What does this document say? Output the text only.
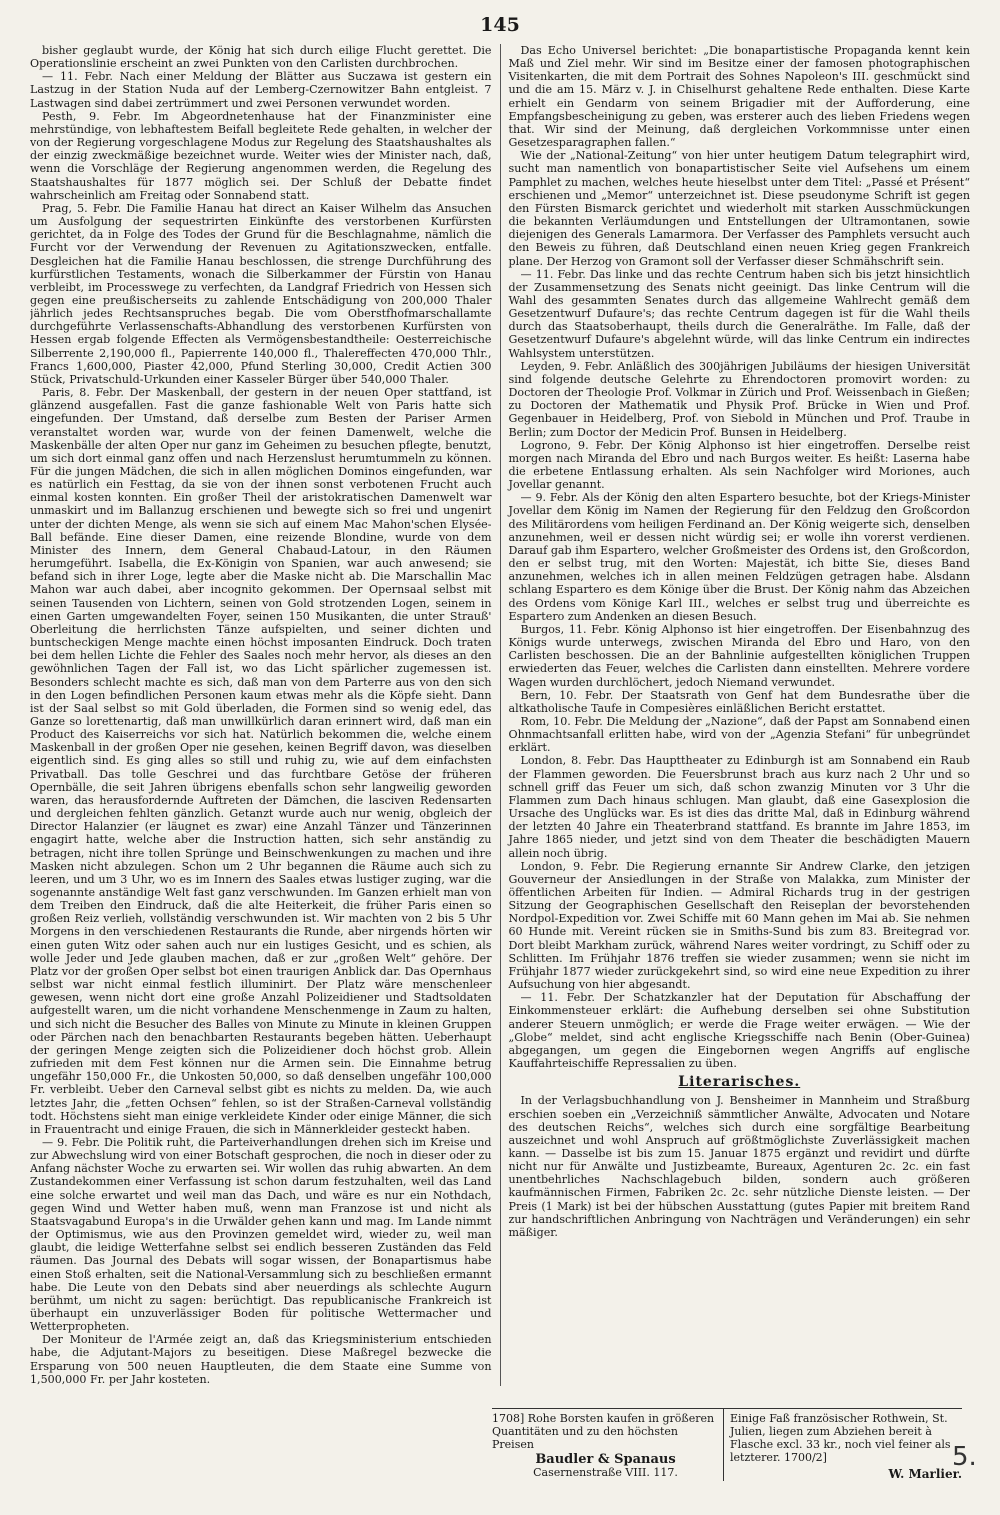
145

bisher geglaubt wurde, der König hat sich durch eilige Flucht gerettet. Die Operationslinie erscheint an zwei Punkten von den Carlisten durchbrochen.

— 11. Febr. Nach einer Meldung der Blätter aus Suczawa ist gestern ein Lastzug in der Station Nuda auf der Lemberg-Czernowitzer Bahn entgleist. 7 Lastwagen sind dabei zertrümmert und zwei Personen verwundet worden.

Pesth, 9. Febr. Im Abgeordnetenhause hat der Finanzminister eine mehrstündige, von lebhaftestem Beifall begleitete Rede gehalten, in welcher der von der Regierung vorgeschlagene Modus zur Regelung des Staatshaushaltes als der einzig zweckmäßige bezeichnet wurde. Weiter wies der Minister nach, daß, wenn die Vorschläge der Regierung angenommen werden, die Regelung des Staatshaushaltes für 1877 möglich sei. Der Schluß der Debatte findet wahrscheinlich am Freitag oder Sonnabend statt.

Prag, 5. Febr. Die Familie Hanau hat direct an Kaiser Wilhelm das Ansuchen um Ausfolgung der sequestrirten Einkünfte des verstorbenen Kurfürsten gerichtet, da in Folge des Todes der Grund für die Beschlagnahme, nämlich die Furcht vor der Verwendung der Revenuen zu Agitationszwecken, entfalle. Desgleichen hat die Familie Hanau beschlossen, die strenge Durchführung des kurfürstlichen Testaments, wonach die Silberkammer der Fürstin von Hanau verbleibt, im Processwege zu verfechten, da Landgraf Friedrich von Hessen sich gegen eine preußischerseits zu zahlende Entschädigung von 200,000 Thaler jährlich jedes Rechtsanspruches begab. Die vom Oberstfhofmarschallamte durchgeführte Verlassenschafts-Abhandlung des verstorbenen Kurfürsten von Hessen ergab folgende Effecten als Vermögensbestandtheile: Oesterreichische Silberrente 2,190,000 fl., Papierrente 140,000 fl., Thalereffecten 470,000 Thlr., Francs 1,600,000, Piaster 42,000, Pfund Sterling 30,000, Credit Actien 300 Stück, Privatschuld-Urkunden einer Kasseler Bürger über 540,000 Thaler.

Paris, 8. Febr. Der Maskenball, der gestern in der neuen Oper stattfand, ist glänzend ausgefallen. Fast die ganze fashionable Welt von Paris hatte sich eingefunden. Der Umstand, daß derselbe zum Besten der Pariser Armen veranstaltet worden war, wurde von der feinen Damenwelt, welche die Maskenbälle der alten Oper nur ganz im Geheimen zu besuchen pflegte, benutzt, um sich dort einmal ganz offen und nach Herzenslust herumtummeln zu können. Für die jungen Mädchen, die sich in allen möglichen Dominos eingefunden, war es natürlich ein Festtag, da sie von der ihnen sonst verbotenen Frucht auch einmal kosten konnten. Ein großer Theil der aristokratischen Damenwelt war unmaskirt und im Ballanzug erschienen und bewegte sich so frei und ungenirt unter der dichten Menge, als wenn sie sich auf einem Mac Mahon'schen Elysée-Ball befände. Eine dieser Damen, eine reizende Blondine, wurde von dem Minister des Innern, dem General Chabaud-Latour, in den Räumen herumgeführt. Isabella, die Ex-Königin von Spanien, war auch anwesend; sie befand sich in ihrer Loge, legte aber die Maske nicht ab. Die Marschallin Mac Mahon war auch dabei, aber incognito gekommen. Der Opernsaal selbst mit seinen Tausenden von Lichtern, seinen von Gold strotzenden Logen, seinem in einen Garten umgewandelten Foyer, seinen 150 Musikanten, die unter Strauß' Oberleitung die herrlichsten Tänze aufspielten, und seiner dichten und buntscheckigen Menge machte einen höchst imposanten Eindruck. Doch traten bei dem hellen Lichte die Fehler des Saales noch mehr hervor, als dieses an den gewöhnlichen Tagen der Fall ist, wo das Licht spärlicher zugemessen ist. Besonders schlecht machte es sich, daß man von dem Parterre aus von den sich in den Logen befindlichen Personen kaum etwas mehr als die Köpfe sieht. Dann ist der Saal selbst so mit Gold überladen, die Formen sind so wenig edel, das Ganze so lorettenartig, daß man unwillkürlich daran erinnert wird, daß man ein Product des Kaiserreichs vor sich hat. Natürlich bekommen die, welche einem Maskenball in der großen Oper nie gesehen, keinen Begriff davon, was dieselben eigentlich sind. Es ging alles so still und ruhig zu, wie auf dem einfachsten Privatball. Das tolle Geschrei und das furchtbare Getöse der früheren Opernbälle, die seit Jahren übrigens ebenfalls schon sehr langweilig geworden waren, das herausfordernde Auftreten der Dämchen, die lasciven Redensarten und dergleichen fehlten gänzlich. Getanzt wurde auch nur wenig, obgleich der Director Halanzier (er läugnet es zwar) eine Anzahl Tänzer und Tänzerinnen engagirt hatte, welche aber die Instruction hatten, sich sehr anständig zu betragen, nicht ihre tollen Sprünge und Beinschwenkungen zu machen und ihre Masken nicht abzulegen. Schon um 2 Uhr begannen die Räume auch sich zu leeren, und um 3 Uhr, wo es im Innern des Saales etwas lustiger zuging, war die sogenannte anständige Welt fast ganz verschwunden. Im Ganzen erhielt man von dem Treiben den Eindruck, daß die alte Heiterkeit, die früher Paris einen so großen Reiz verlieh, vollständig verschwunden ist. Wir machten von 2 bis 5 Uhr Morgens in den verschiedenen Restaurants die Runde, aber nirgends hörten wir einen guten Witz oder sahen auch nur ein lustiges Gesicht, und es schien, als wolle Jeder und Jede glauben machen, daß er zur „großen Welt“ gehöre. Der Platz vor der großen Oper selbst bot einen traurigen Anblick dar. Das Opernhaus selbst war nicht einmal festlich illuminirt. Der Platz wäre menschenleer gewesen, wenn nicht dort eine große Anzahl Polizeidiener und Stadtsoldaten aufgestellt waren, um die nicht vorhandene Menschenmenge in Zaum zu halten, und sich nicht die Besucher des Balles von Minute zu Minute in kleinen Gruppen oder Pärchen nach den benachbarten Restaurants begeben hätten. Ueberhaupt der geringen Menge zeigten sich die Polizeidiener doch höchst grob. Allein zufrieden mit dem Fest können nur die Armen sein. Die Einnahme betrug ungefähr 150,000 Fr., die Unkosten 50,000, so daß denselben ungefähr 100,000 Fr. verbleibt. Ueber den Carneval selbst gibt es nichts zu melden. Da, wie auch letztes Jahr, die „fetten Ochsen“ fehlen, so ist der Straßen-Carneval vollständig todt. Höchstens sieht man einige verkleidete Kinder oder einige Männer, die sich in Frauentracht und einige Frauen, die sich in Männerkleider gesteckt haben.

— 9. Febr. Die Politik ruht, die Parteiverhandlungen drehen sich im Kreise und zur Abwechslung wird von einer Botschaft gesprochen, die noch in dieser oder zu Anfang nächster Woche zu erwarten sei. Wir wollen das ruhig abwarten. An dem Zustandekommen einer Verfassung ist schon darum festzuhalten, weil das Land eine solche erwartet und weil man das Dach, und wäre es nur ein Nothdach, gegen Wind und Wetter haben muß, wenn man Franzose ist und nicht als Staatsvagabund Europa's in die Urwälder gehen kann und mag. Im Lande nimmt der Optimismus, wie aus den Provinzen gemeldet wird, wieder zu, weil man glaubt, die leidige Wetterfahne selbst sei endlich besseren Zuständen das Feld räumen. Das Journal des Debats will sogar wissen, der Bonapartismus habe einen Stoß erhalten, seit die National-Versammlung sich zu beschließen ermannt habe. Die Leute von den Debats sind aber neuerdings als schlechte Augurn berühmt, um nicht zu sagen: berüchtigt. Das republicanische Frankreich ist überhaupt ein unzuverlässiger Boden für politische Wettermacher und Wetterpropheten.

Der Moniteur de l'Armée zeigt an, daß das Kriegsministerium entschieden habe, die Adjutant-Majors zu beseitigen. Diese Maßregel bezwecke die Ersparung von 500 neuen Hauptleuten, die dem Staate eine Summe von 1,500,000 Fr. per Jahr kosteten.

Das Echo Universel berichtet: „Die bonapartistische Propaganda kennt kein Maß und Ziel mehr. Wir sind im Besitze einer der famosen photographischen Visitenkarten, die mit dem Portrait des Sohnes Napoleon's III. geschmückt sind und die am 15. März v. J. in Chiselhurst gehaltene Rede enthalten. Diese Karte erhielt ein Gendarm von seinem Brigadier mit der Aufforderung, eine Empfangsbescheinigung zu geben, was ersterer auch des lieben Friedens wegen that. Wir sind der Meinung, daß dergleichen Vorkommnisse unter einen Gesetzesparagraphen fallen.“

Wie der „National-Zeitung“ von hier unter heutigem Datum telegraphirt wird, sucht man namentlich von bonapartistischer Seite viel Aufsehens um einem Pamphlet zu machen, welches heute hieselbst unter dem Titel: „Passé et Présent“ erschienen und „Memor“ unterzeichnet ist. Diese pseudonyme Schrift ist gegen den Fürsten Bismarck gerichtet und wiederholt mit starken Ausschmückungen die bekannten Verläumdungen und Entstellungen der Ultramontanen, sowie diejenigen des Generals Lamarmora. Der Verfasser des Pamphlets versucht auch den Beweis zu führen, daß Deutschland einen neuen Krieg gegen Frankreich plane. Der Herzog von Gramont soll der Verfasser dieser Schmähschrift sein.

— 11. Febr. Das linke und das rechte Centrum haben sich bis jetzt hinsichtlich der Zusammensetzung des Senats nicht geeinigt. Das linke Centrum will die Wahl des gesammten Senates durch das allgemeine Wahlrecht gemäß dem Gesetzentwurf Dufaure's; das rechte Centrum dagegen ist für die Wahl theils durch das Staatsoberhaupt, theils durch die Generalräthe. Im Falle, daß der Gesetzentwurf Dufaure's abgelehnt würde, will das linke Centrum ein indirectes Wahlsystem unterstützen.

Leyden, 9. Febr. Anläßlich des 300jährigen Jubiläums der hiesigen Universität sind folgende deutsche Gelehrte zu Ehrendoctoren promovirt worden: zu Doctoren der Theologie Prof. Volkmar in Zürich und Prof. Weissenbach in Gießen; zu Doctoren der Mathematik und Physik Prof. Brücke in Wien und Prof. Gegenbauer in Heidelberg, Prof. von Siebold in München und Prof. Traube in Berlin; zum Doctor der Medicin Prof. Bunsen in Heidelberg.

Logrono, 9. Febr. Der König Alphonso ist hier eingetroffen. Derselbe reist morgen nach Miranda del Ebro und nach Burgos weiter. Es heißt: Laserna habe die erbetene Entlassung erhalten. Als sein Nachfolger wird Moriones, auch Jovellar genannt.

— 9. Febr. Als der König den alten Espartero besuchte, bot der Kriegs-Minister Jovellar dem König im Namen der Regierung für den Feldzug den Großcordon des Militärordens vom heiligen Ferdinand an. Der König weigerte sich, denselben anzunehmen, weil er dessen nicht würdig sei; er wolle ihn vorerst verdienen. Darauf gab ihm Espartero, welcher Großmeister des Ordens ist, den Großcordon, den er selbst trug, mit den Worten: Majestät, ich bitte Sie, dieses Band anzunehmen, welches ich in allen meinen Feldzügen getragen habe. Alsdann schlang Espartero es dem Könige über die Brust. Der König nahm das Abzeichen des Ordens vom Könige Karl III., welches er selbst trug und überreichte es Espartero zum Andenken an diesen Besuch.

Burgos, 11. Febr. König Alphonso ist hier eingetroffen. Der Eisenbahnzug des Königs wurde unterwegs, zwischen Miranda del Ebro und Haro, von den Carlisten beschossen. Die an der Bahnlinie aufgestellten königlichen Truppen erwiederten das Feuer, welches die Carlisten dann einstellten. Mehrere vordere Wagen wurden durchlöchert, jedoch Niemand verwundet.

Bern, 10. Febr. Der Staatsrath von Genf hat dem Bundesrathe über die altkatholische Taufe in Compesières einläßlichen Bericht erstattet.

Rom, 10. Febr. Die Meldung der „Nazione“, daß der Papst am Sonnabend einen Ohnmachtsanfall erlitten habe, wird von der „Agenzia Stefani“ für unbegründet erklärt.

London, 8. Febr. Das Haupttheater zu Edinburgh ist am Sonnabend ein Raub der Flammen geworden. Die Feuersbrunst brach aus kurz nach 2 Uhr und so schnell griff das Feuer um sich, daß schon zwanzig Minuten vor 3 Uhr die Flammen zum Dach hinaus schlugen. Man glaubt, daß eine Gasexplosion die Ursache des Unglücks war. Es ist dies das dritte Mal, daß in Edinburg während der letzten 40 Jahre ein Theaterbrand stattfand. Es brannte im Jahre 1853, im Jahre 1865 nieder, und jetzt sind von dem Theater die beschädigten Mauern allein noch übrig.

London, 9. Febr. Die Regierung ernannte Sir Andrew Clarke, den jetzigen Gouverneur der Ansiedlungen in der Straße von Malakka, zum Minister der öffentlichen Arbeiten für Indien. — Admiral Richards trug in der gestrigen Sitzung der Geographischen Gesellschaft den Reiseplan der bevorstehenden Nordpol-Expedition vor. Zwei Schiffe mit 60 Mann gehen im Mai ab. Sie nehmen 60 Hunde mit. Vereint rücken sie in Smiths-Sund bis zum 83. Breitegrad vor. Dort bleibt Markham zurück, während Nares weiter vordringt, zu Schiff oder zu Schlitten. Im Frühjahr 1876 treffen sie wieder zusammen; wenn sie nicht im Frühjahr 1877 wieder zurückgekehrt sind, so wird eine neue Expedition zu ihrer Aufsuchung von hier abgesandt.

— 11. Febr. Der Schatzkanzler hat der Deputation für Abschaffung der Einkommensteuer erklärt: die Aufhebung derselben sei ohne Substitution anderer Steuern unmöglich; er werde die Frage weiter erwägen. — Wie der „Globe“ meldet, sind acht englische Kriegsschiffe nach Benin (Ober-Guinea) abgegangen, um gegen die Eingebornen wegen Angriffs auf englische Kauffahrteischiffe Repressalien zu üben.

Literarisches.

In der Verlagsbuchhandlung von J. Bensheimer in Mannheim und Straßburg erschien soeben ein „Verzeichniß sämmtlicher Anwälte, Advocaten und Notare des deutschen Reichs“, welches sich durch eine sorgfältige Bearbeitung auszeichnet und wohl Anspruch auf größtmöglichste Zuverlässigkeit machen kann. — Dasselbe ist bis zum 15. Januar 1875 ergänzt und revidirt und dürfte nicht nur für Anwälte und Justizbeamte, Bureaux, Agenturen 2c. 2c. ein fast unentbehrliches Nachschlagebuch bilden, sondern auch größeren kaufmännischen Firmen, Fabriken 2c. 2c. sehr nützliche Dienste leisten. — Der Preis (1 Mark) ist bei der hübschen Ausstattung (gutes Papier mit breitem Rand zur handschriftlichen Anbringung von Nachträgen und Veränderungen) ein sehr mäßiger.

1708] Rohe Borsten kaufen in größeren Quantitäten und zu den höchsten Preisen
Baudler & Spanaus
Casernenstraße VIII. 117.
Einige Faß französischer Rothwein, St. Julien, liegen zum Abziehen bereit à Flasche excl. 33 kr., noch viel feiner als letzterer. 1700/2]
W. Marlier.
5.
